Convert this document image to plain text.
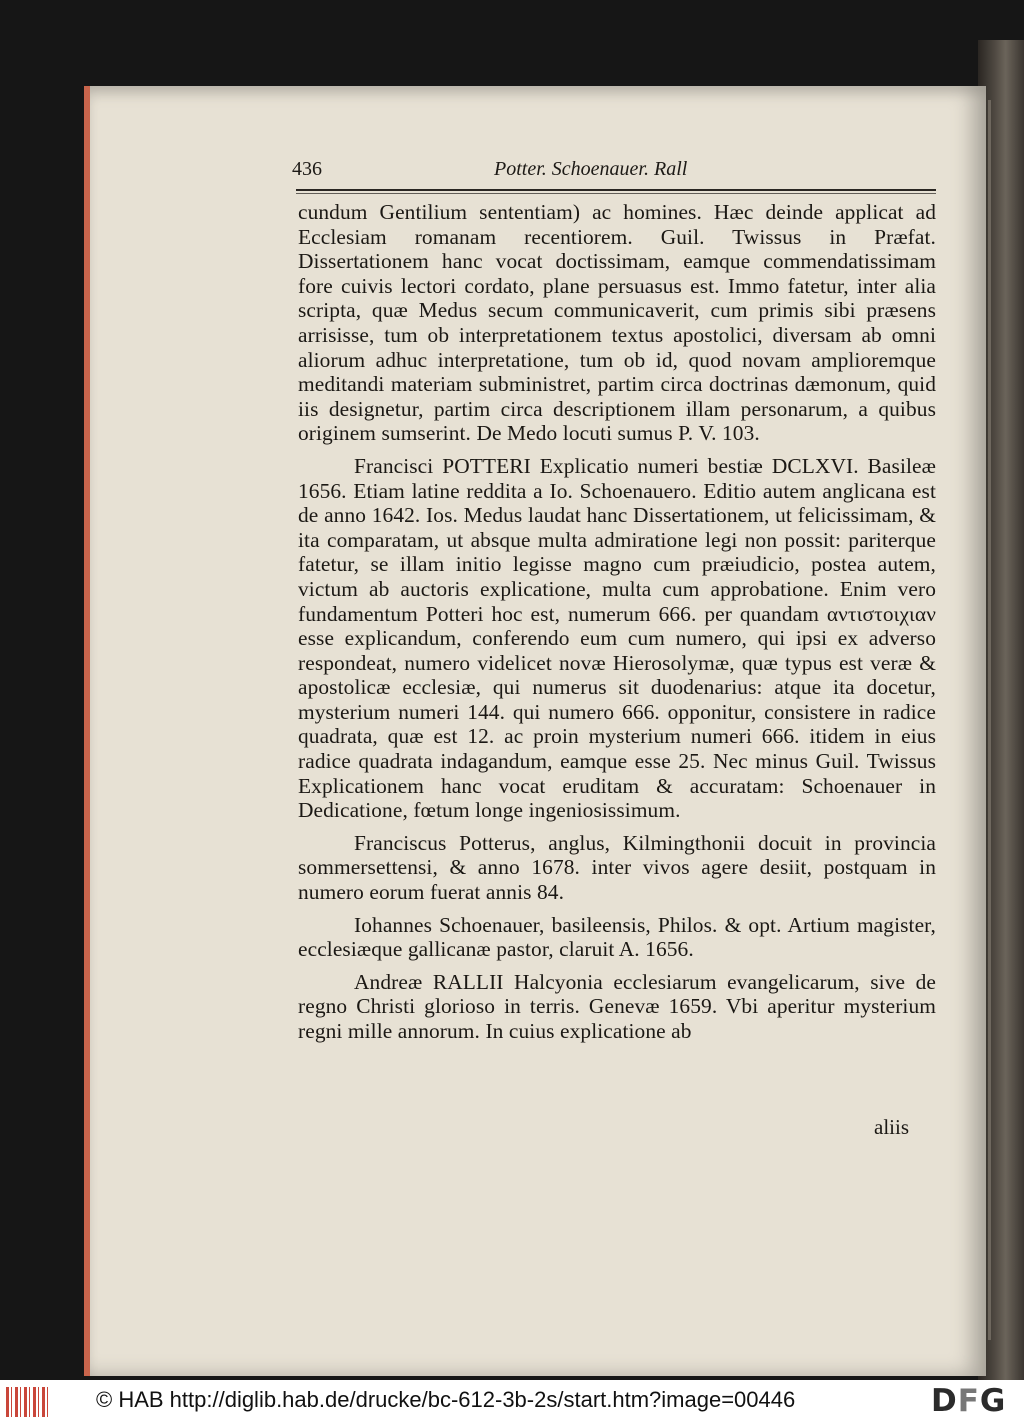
436	Potter. Schoenauer. Rall

cundum Gentilium sententiam) ac homines. Hæc deinde applicat ad Ecclesiam romanam recentiorem. Guil. Twissus in Præfat. Dissertationem hanc vocat doctissimam, eamque commendatissimam fore cuivis lectori cordato, plane persuasus est. Immo fatetur, inter alia scripta, quæ Medus secum communicaverit, cum primis sibi præsens arrisisse, tum ob interpretationem textus apostolici, diversam ab omni aliorum adhuc interpretatione, tum ob id, quod novam amplioremque meditandi materiam subministret, partim circa doctrinas dæmonum, quid iis designetur, partim circa descriptionem illam personarum, a quibus originem sumserint. De Medo locuti sumus P. V. 103.

Francisci POTTERI Explicatio numeri bestiæ DCLXVI. Basileæ 1656. Etiam latine reddita a Io. Schoenauero. Editio autem anglicana est de anno 1642. Ios. Medus laudat hanc Dissertationem, ut felicissimam, & ita comparatam, ut absque multa admiratione legi non possit: pariterque fatetur, se illam initio legisse magno cum præiudicio, postea autem, victum ab auctoris explicatione, multa cum approbatione. Enim vero fundamentum Potteri hoc est, numerum 666. per quandam αντιστοιχιαν esse explicandum, conferendo eum cum numero, qui ipsi ex adverso respondeat, numero videlicet novæ Hierosolymæ, quæ typus est veræ & apostolicæ ecclesiæ, qui numerus sit duodenarius: atque ita docetur, mysterium numeri 144. qui numero 666. opponitur, consistere in radice quadrata, quæ est 12. ac proin mysterium numeri 666. itidem in eius radice quadrata indagandum, eamque esse 25. Nec minus Guil. Twissus Explicationem hanc vocat eruditam & accuratam: Schoenauer in Dedicatione, fœtum longe ingeniosissimum.

Franciscus Potterus, anglus, Kilmingthonii docuit in provincia sommersettensi, & anno 1678. inter vivos agere desiit, postquam in numero eorum fuerat annis 84.

Iohannes Schoenauer, basileensis, Philos. & opt. Artium magister, ecclesiæque gallicanæ pastor, claruit A. 1656.

Andreæ RALLII Halcyonia ecclesiarum evangelicarum, sive de regno Christi glorioso in terris. Genevæ 1659. Vbi aperitur mysterium regni mille annorum. In cuius explicatione ab

aliis
© HAB http://diglib.hab.de/drucke/bc-612-3b-2s/start.htm?image=00446	DFG
